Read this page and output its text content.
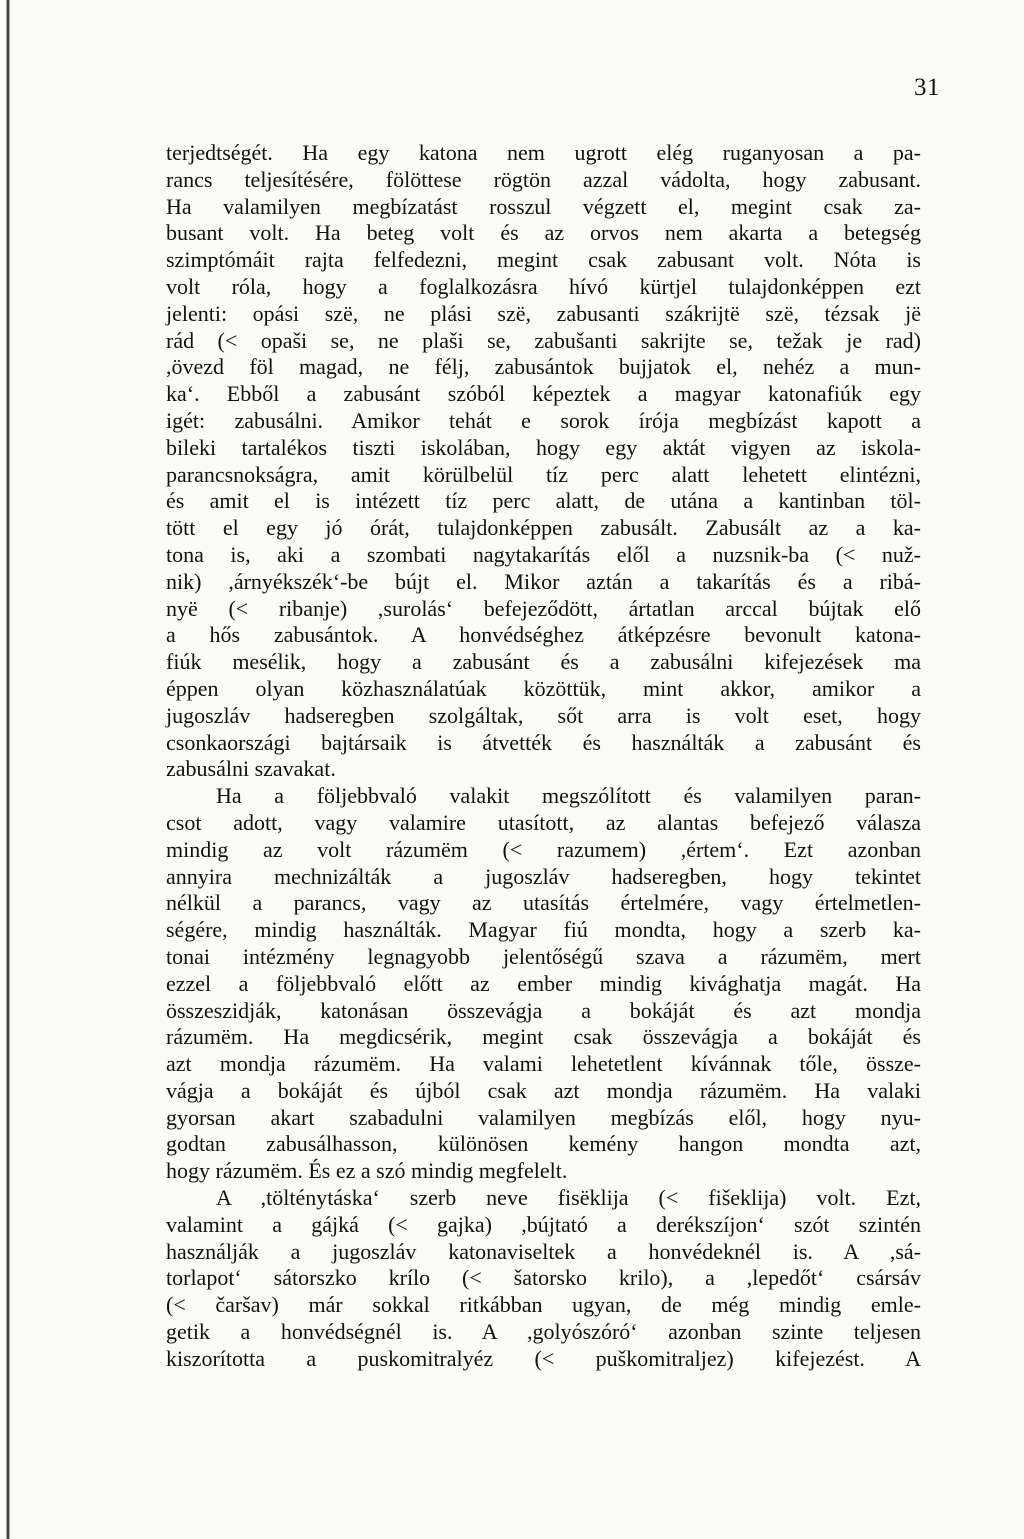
31
terjedtségét. Ha egy katona nem ugrott elég ruganyosan a pa-
rancs teljesítésére, fölöttese rögtön azzal vádolta, hogy zabusant.
Ha valamilyen megbízatást rosszul végzett el, megint csak za-
busant volt. Ha beteg volt és az orvos nem akarta a betegség
szimptómáit rajta felfedezni, megint csak zabusant volt. Nóta is
volt róla, hogy a foglalkozásra hívó kürtjel tulajdonképpen ezt
jelenti: opási szë, ne plási szë, zabusanti szákrijtë szë, tézsak jë
rád (< opaši se, ne plaši se, zabušanti sakrijte se, težak je rad)
,övezd föl magad, ne félj, zabusántok bujjatok el, nehéz a mun-
ka‘. Ebből a zabusánt szóból képeztek a magyar katonafiúk egy
igét: zabusálni. Amikor tehát e sorok írója megbízást kapott a
bileki tartalékos tiszti iskolában, hogy egy aktát vigyen az iskola-
parancsnokságra, amit körülbelül tíz perc alatt lehetett elintézni,
és amit el is intézett tíz perc alatt, de utána a kantinban töl-
tött el egy jó órát, tulajdonképpen zabusált. Zabusált az a ka-
tona is, aki a szombati nagytakarítás elől a nuzsnik-ba (< nuž-
nik) ,árnyékszék‘-be bújt el. Mikor aztán a takarítás és a ribá-
nyë (< ribanje) ,surolás‘ befejeződött, ártatlan arccal bújtak elő
a hős zabusántok. A honvédséghez átképzésre bevonult katona-
fiúk mesélik, hogy a zabusánt és a zabusálni kifejezések ma
éppen olyan közhasználatúak közöttük, mint akkor, amikor a
jugoszláv hadseregben szolgáltak, sőt arra is volt eset, hogy
csonkaországi bajtársaik is átvették és használták a zabusánt és
zabusálni szavakat.
Ha a följebbvaló valakit megszólított és valamilyen paran-
csot adott, vagy valamire utasított, az alantas befejező válasza
mindig az volt rázumëm (< razumem) ,értem‘. Ezt azonban
annyira mechnizálták a jugoszláv hadseregben, hogy tekintet
nélkül a parancs, vagy az utasítás értelmére, vagy értelmetlen-
ségére, mindig használták. Magyar fiú mondta, hogy a szerb ka-
tonai intézmény legnagyobb jelentőségű szava a rázumëm, mert
ezzel a följebbvaló előtt az ember mindig kivághatja magát. Ha
összeszidják, katonásan összevágja a bokáját és azt mondja
rázumëm. Ha megdicsérik, megint csak összevágja a bokáját és
azt mondja rázumëm. Ha valami lehetetlent kívánnak tőle, össze-
vágja a bokáját és újból csak azt mondja rázumëm. Ha valaki
gyorsan akart szabadulni valamilyen megbízás elől, hogy nyu-
godtan zabusálhasson, különösen kemény hangon mondta azt,
hogy rázumëm. És ez a szó mindig megfelelt.
A ,tölténytáska‘ szerb neve fisëklija (< fišeklija) volt. Ezt,
valamint a gájká (< gajka) ,bújtató a derékszíjon‘ szót szintén
használják a jugoszláv katonaviseltek a honvédeknél is. A ,sá-
torlapot‘ sátorszko krílo (< šatorsko krilo), a ,lepedőt‘ csársáv
(< čaršav) már sokkal ritkábban ugyan, de még mindig emle-
getik a honvédségnél is. A ,golyószóró‘ azonban szinte teljesen
kiszorította a puskomitralyéz (< puškomitraljez) kifejezést. A
